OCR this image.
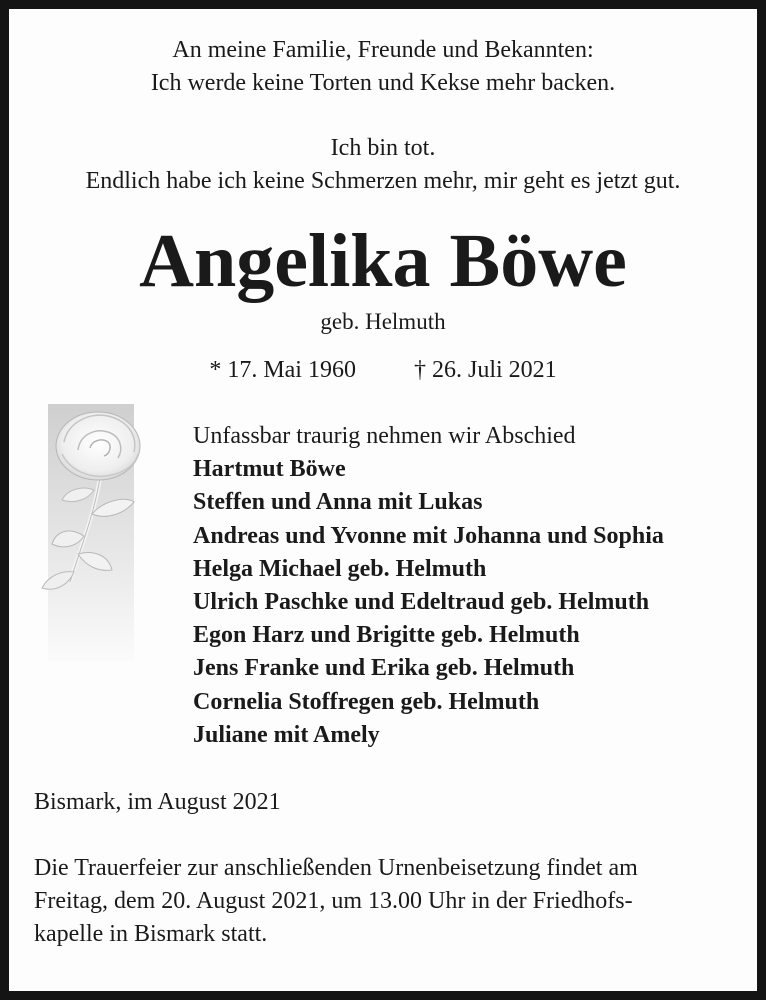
An meine Familie, Freunde und Bekannten:
Ich werde keine Torten und Kekse mehr backen.
Ich bin tot.
Endlich habe ich keine Schmerzen mehr, mir geht es jetzt gut.
Angelika Böwe
geb. Helmuth
* 17. Mai 1960 † 26. Juli 2021
Unfassbar traurig nehmen wir Abschied
Hartmut Böwe
Steffen und Anna mit Lukas
Andreas und Yvonne mit Johanna und Sophia
Helga Michael geb. Helmuth
Ulrich Paschke und Edeltraud geb. Helmuth
Egon Harz und Brigitte geb. Helmuth
Jens Franke und Erika geb. Helmuth
Cornelia Stoffregen geb. Helmuth
Juliane mit Amely
Bismark, im August 2021
Die Trauerfeier zur anschließenden Urnenbeisetzung findet am
Freitag, dem 20. August 2021, um 13.00 Uhr in der Friedhofs-
kapelle in Bismark statt.
